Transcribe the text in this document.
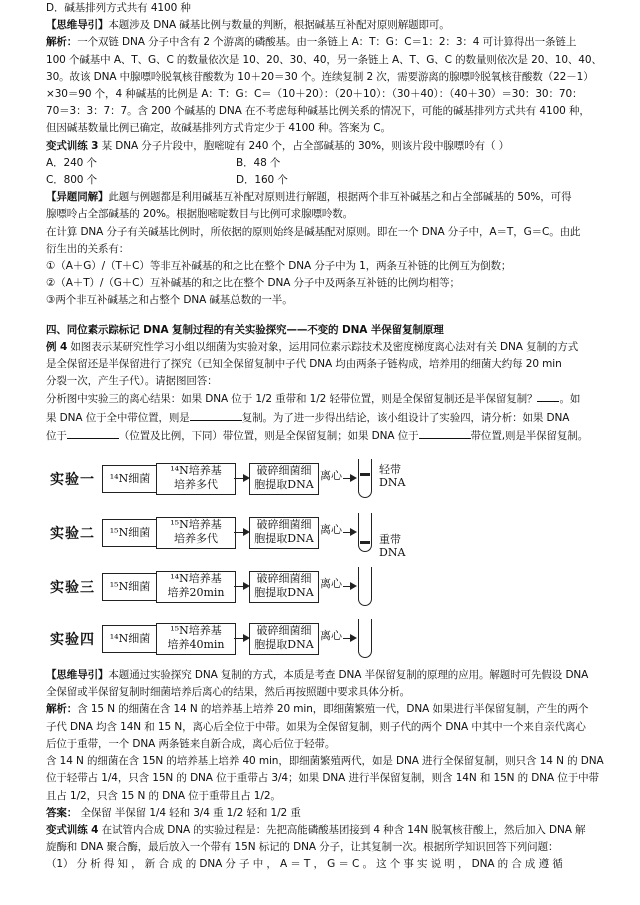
D．碱基排列方式共有 4100 种

【思维导引】本题涉及 DNA 碱基比例与数量的判断，根据碱基互补配对原则解题即可。

解析：一个双链 DNA 分子中含有 2 个游离的磷酸基。由一条链上 A：T：G：C＝1：2：3：4 可计算得出一条链上

100 个碱基中 A、T、G、C 的数量依次是 10、20、30、40，另一条链上 A、T、G、C 的数量则依次是 20、10、40、

30。故该 DNA 中腺嘌呤脱氧核苷酸数为 10＋20＝30 个。连续复制 2 次，需要游离的腺嘌呤脱氧核苷酸数（22－1）

×30＝90 个，4 种碱基的比例是 A：T：G：C＝（10＋20）：（20＋10）：（30＋40）：（40＋30）＝30：30：70：

70＝3：3：7：7。含 200 个碱基的 DNA 在不考虑每种碱基比例关系的情况下，可能的碱基排列方式共有 4100 种，

但因碱基数量比例已确定，故碱基排列方式肯定少于 4100 种。答案为 C。

变式训练 3 某 DNA 分子片段中，胞嘧啶有 240 个，占全部碱基的 30%，则该片段中腺嘌呤有（ ）

A．240 个	B．48 个

C．800 个	D．160 个

【异题同解】此题与例题都是利用碱基互补配对原则进行解题，根据两个非互补碱基之和占全部碱基的 50%，可得

腺嘌呤占全部碱基的 20%。根据胞嘧啶数目与比例可求腺嘌呤数。

在计算 DNA 分子有关碱基比例时，所依据的原则始终是碱基配对原则。即在一个 DNA 分子中，A＝T，G＝C。由此

衍生出的关系有：

①（A＋G）/（T＋C）等非互补碱基的和之比在整个 DNA 分子中为 1，两条互补链的比例互为倒数；

②（A＋T）/（G＋C）互补碱基的和之比在整个 DNA 分子中及两条互补链的比例均相等；

③两个非互补碱基之和占整个 DNA 碱基总数的一半。

四、同位素示踪标记 DNA 复制过程的有关实验探究——不变的 DNA 半保留复制原理

例 4 如图表示某研究性学习小组以细菌为实验对象，运用同位素示踪技术及密度梯度离心法对有关 DNA 复制的方式

是全保留还是半保留进行了探究（已知全保留复制中子代 DNA 均由两条子链构成，培养用的细菌大约每 20 min

分裂一次，产生子代）。请据图回答：

分析图中实验三的离心结果：如果 DNA 位于 1/2 重带和 1/2 轻带位置，则是全保留复制还是半保留复制？ 。如

果 DNA 位于全中带位置，则是	复制。为了进一步得出结论，该小组设计了实验四，请分析：如果 DNA

位于	（位置及比例，下同）带位置，则是全保留复制；如果 DNA 位于	带位置,则是半保留复制。

实验一	¹⁴N细菌
¹⁴N培养基
培养多代
破碎细菌细
胞提取DNA
离心	轻带
DNA
实验二	¹⁵N细菌
¹⁵N培养基
培养多代
破碎细菌细
胞提取DNA
离心
重带
DNA
实验三	¹⁵N细菌
¹⁴N培养基
培养20min
破碎细菌细
胞提取DNA
离心
实验四	¹⁴N细菌
¹⁵N培养基
培养40min
破碎细菌细
胞提取DNA
离心

【思维导引】本题通过实验探究 DNA 复制的方式，本质是考查 DNA 半保留复制的原理的应用。解题时可先假设 DNA

全保留或半保留复制时细菌培养后离心的结果，然后再按照题中要求具体分析。

解析：含 15 N 的细菌在含 14 N 的培养基上培养 20 min，即细菌繁殖一代，DNA 如果进行半保留复制，产生的两个

子代 DNA 均含 14N 和 15 N，离心后全位于中带。如果为全保留复制，则子代的两个 DNA 中其中一个来自亲代离心

后位于重带，一个 DNA 两条链来自新合成，离心后位于轻带。

含 14 N 的细菌在含 15N 的培养基上培养 40 min，即细菌繁殖两代，如是 DNA 进行全保留复制，则只含 14 N 的 DNA

位于轻带占 1/4，只含 15N 的 DNA 位于重带占 3/4；如果 DNA 进行半保留复制，则含 14N 和 15N 的 DNA 位于中带

且占 1/2，只含 15 N 的 DNA 位于重带且占 1/2。

答案： 全保留 半保留 1/4 轻和 3/4 重 1/2 轻和 1/2 重

变式训练 4 在试管内合成 DNA 的实验过程是：先把高能磷酸基团接到 4 种含 14N 脱氧核苷酸上，然后加入 DNA 解

旋酶和 DNA 聚合酶，最后放入一个带有 15N 标记的 DNA 分子，让其复制一次。根据所学知识回答下列问题：

（1） 分 析 得 知 ， 新 合 成 的 DNA 分 子 中 ， A ＝ T ， G ＝ C 。 这 个 事 实 说 明 ， DNA 的 合 成 遵 循
